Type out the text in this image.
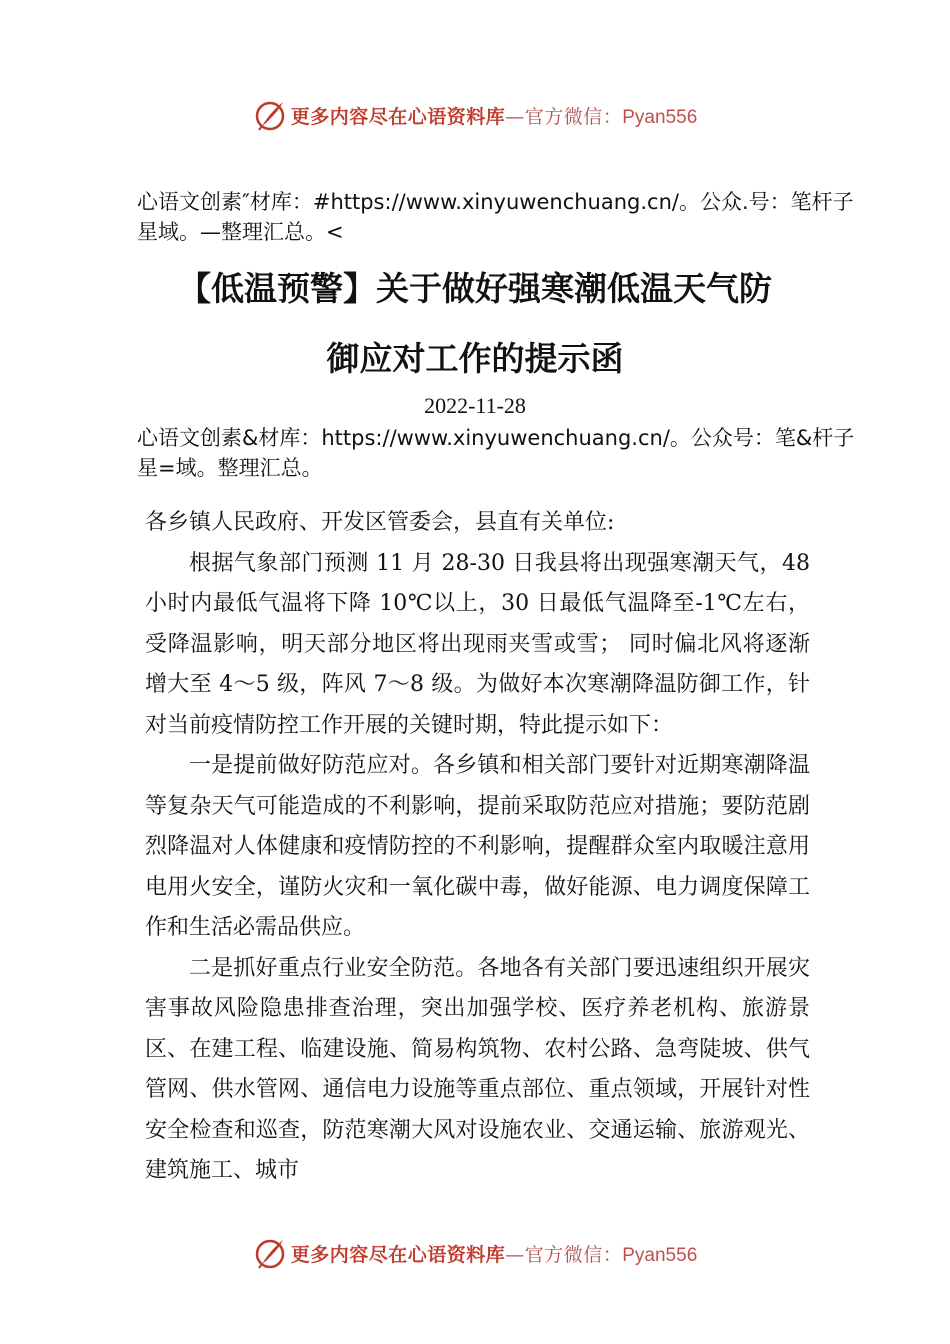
更多内容尽在心语资料库—官方微信：Pyan556
心语文创素″材库：#https://www.xinyuwenchuang.cn/。公众.号：笔杆子星域。—整理汇总。<
【低温预警】关于做好强寒潮低温天气防
御应对工作的提示函
2022-11-28
心语文创素&材库：https://www.xinyuwenchuang.cn/。公众号：笔&杆子星=域。整理汇总。

各乡镇人民政府、开发区管委会，县直有关单位:

根据气象部门预测 11 月 28-30 日我县将出现强寒潮天气，48 小时内最低气温将下降 10℃以上，30 日最低气温降至-1℃左右，受降温影响，明天部分地区将出现雨夹雪或雪； 同时偏北风将逐渐增大至 4～5 级，阵风 7～8 级。为做好本次寒潮降温防御工作，针对当前疫情防控工作开展的关键时期，特此提示如下：

一是提前做好防范应对。各乡镇和相关部门要针对近期寒潮降温等复杂天气可能造成的不利影响，提前采取防范应对措施；要防范剧烈降温对人体健康和疫情防控的不利影响，提醒群众室内取暖注意用电用火安全，谨防火灾和一氧化碳中毒，做好能源、电力调度保障工作和生活必需品供应。

二是抓好重点行业安全防范。各地各有关部门要迅速组织开展灾害事故风险隐患排查治理，突出加强学校、医疗养老机构、旅游景区、在建工程、临建设施、简易构筑物、农村公路、急弯陡坡、供气管网、供水管网、通信电力设施等重点部位、重点领域，开展针对性安全检查和巡查，防范寒潮大风对设施农业、交通运输、旅游观光、建筑施工、城市

更多内容尽在心语资料库—官方微信：Pyan556
